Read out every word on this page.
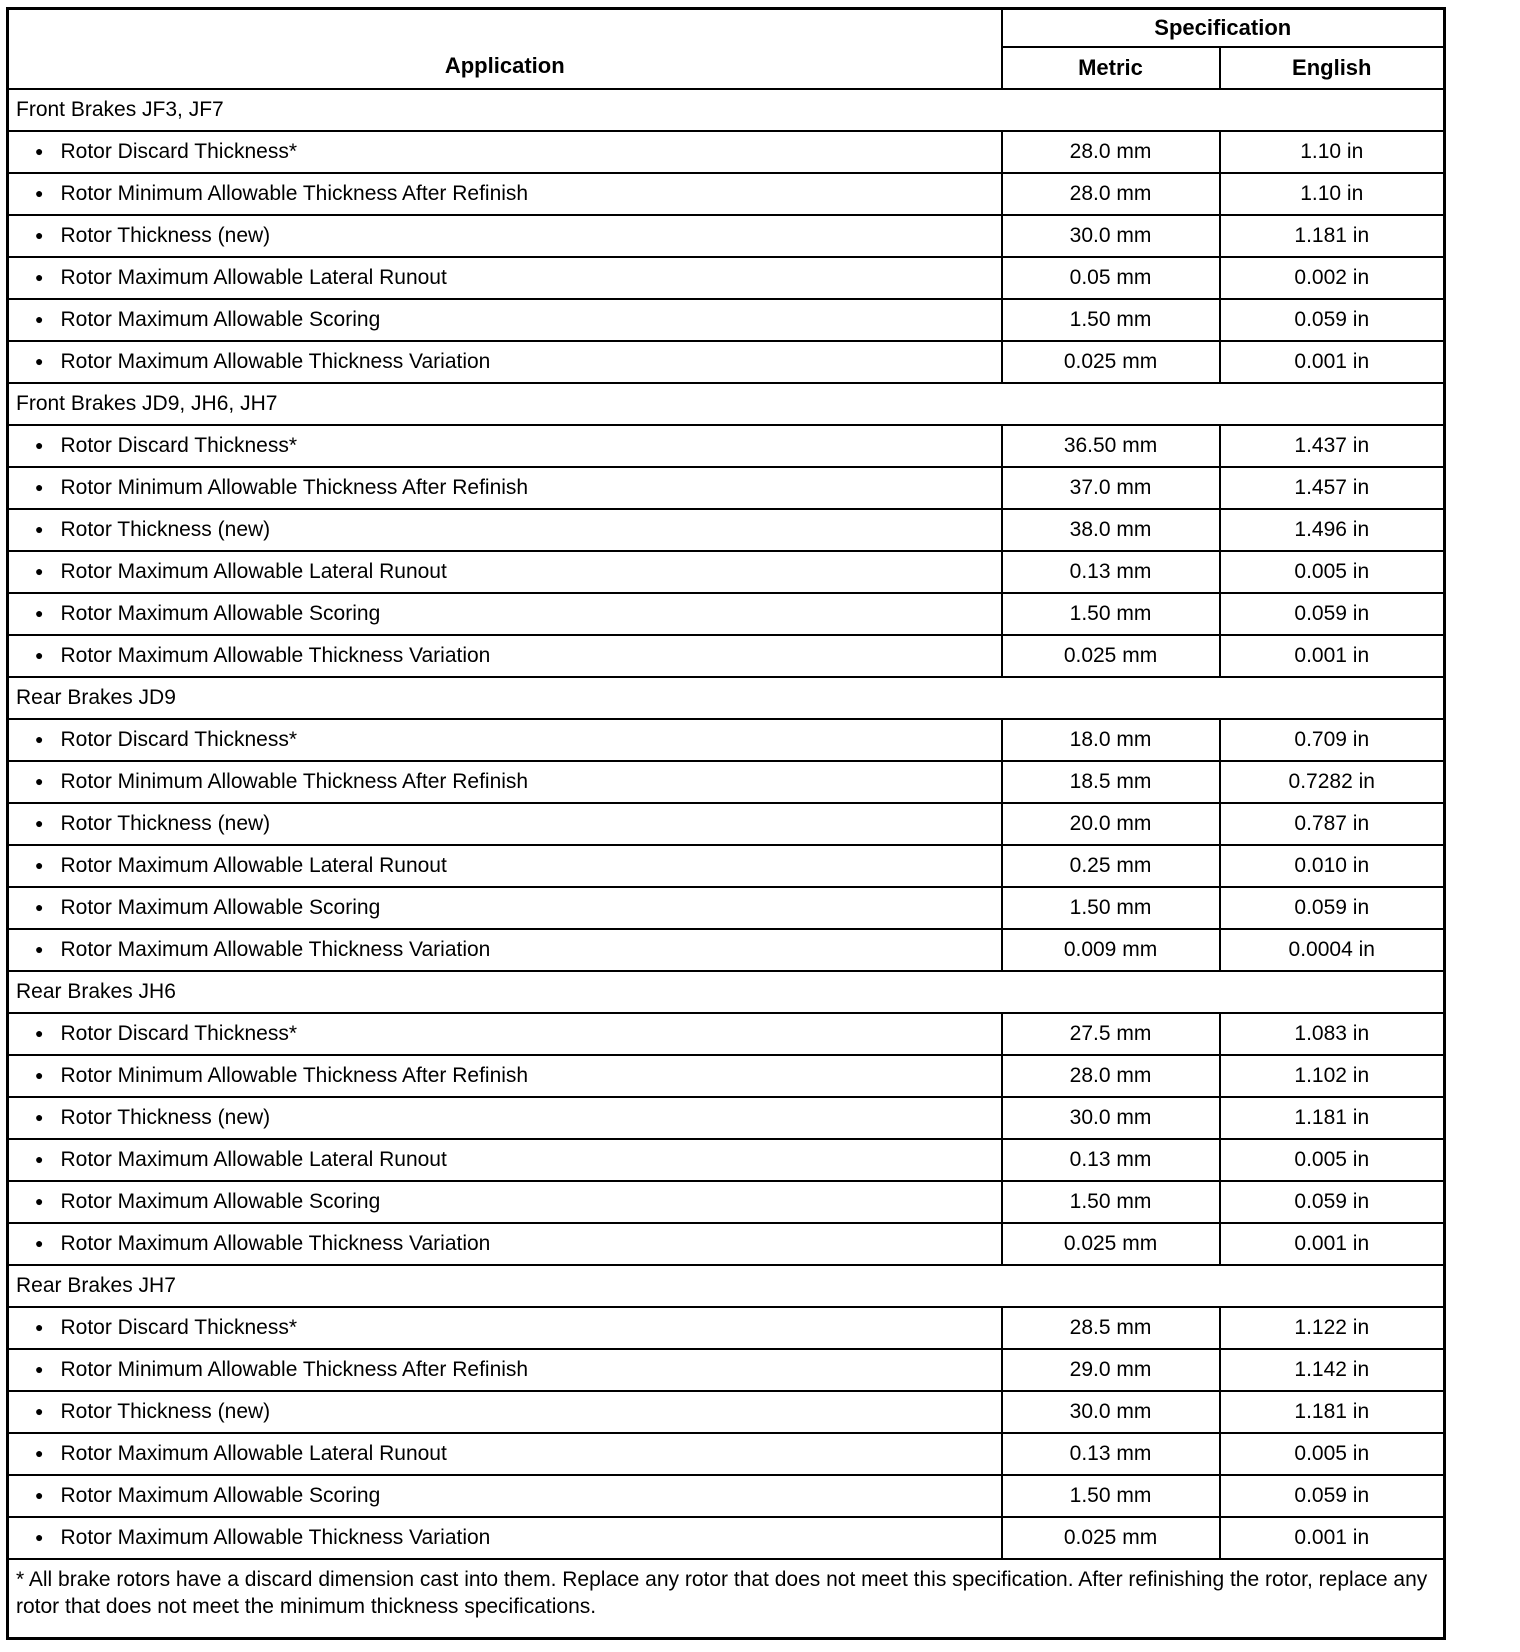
Application	Specification	
	Metric	English
Front Brakes JF3, JF7		
● Rotor Discard Thickness*	28.0 mm	1.10 in
● Rotor Minimum Allowable Thickness After Refinish	28.0 mm	1.10 in
● Rotor Thickness (new)	30.0 mm	1.181 in
● Rotor Maximum Allowable Lateral Runout	0.05 mm	0.002 in
● Rotor Maximum Allowable Scoring	1.50 mm	0.059 in
● Rotor Maximum Allowable Thickness Variation	0.025 mm	0.001 in
Front Brakes JD9, JH6, JH7		
● Rotor Discard Thickness*	36.50 mm	1.437 in
● Rotor Minimum Allowable Thickness After Refinish	37.0 mm	1.457 in
● Rotor Thickness (new)	38.0 mm	1.496 in
● Rotor Maximum Allowable Lateral Runout	0.13 mm	0.005 in
● Rotor Maximum Allowable Scoring	1.50 mm	0.059 in
● Rotor Maximum Allowable Thickness Variation	0.025 mm	0.001 in
Rear Brakes JD9		
● Rotor Discard Thickness*	18.0 mm	0.709 in
● Rotor Minimum Allowable Thickness After Refinish	18.5 mm	0.7282 in
● Rotor Thickness (new)	20.0 mm	0.787 in
● Rotor Maximum Allowable Lateral Runout	0.25 mm	0.010 in
● Rotor Maximum Allowable Scoring	1.50 mm	0.059 in
● Rotor Maximum Allowable Thickness Variation	0.009 mm	0.0004 in
Rear Brakes JH6		
● Rotor Discard Thickness*	27.5 mm	1.083 in
● Rotor Minimum Allowable Thickness After Refinish	28.0 mm	1.102 in
● Rotor Thickness (new)	30.0 mm	1.181 in
● Rotor Maximum Allowable Lateral Runout	0.13 mm	0.005 in
● Rotor Maximum Allowable Scoring	1.50 mm	0.059 in
● Rotor Maximum Allowable Thickness Variation	0.025 mm	0.001 in
Rear Brakes JH7		
● Rotor Discard Thickness*	28.5 mm	1.122 in
● Rotor Minimum Allowable Thickness After Refinish	29.0 mm	1.142 in
● Rotor Thickness (new)	30.0 mm	1.181 in
● Rotor Maximum Allowable Lateral Runout	0.13 mm	0.005 in
● Rotor Maximum Allowable Scoring	1.50 mm	0.059 in
● Rotor Maximum Allowable Thickness Variation	0.025 mm	0.001 in
* All brake rotors have a discard dimension cast into them. Replace any rotor that does not meet this specification. After refinishing the rotor, replace any rotor that does not meet the minimum thickness specifications.		
